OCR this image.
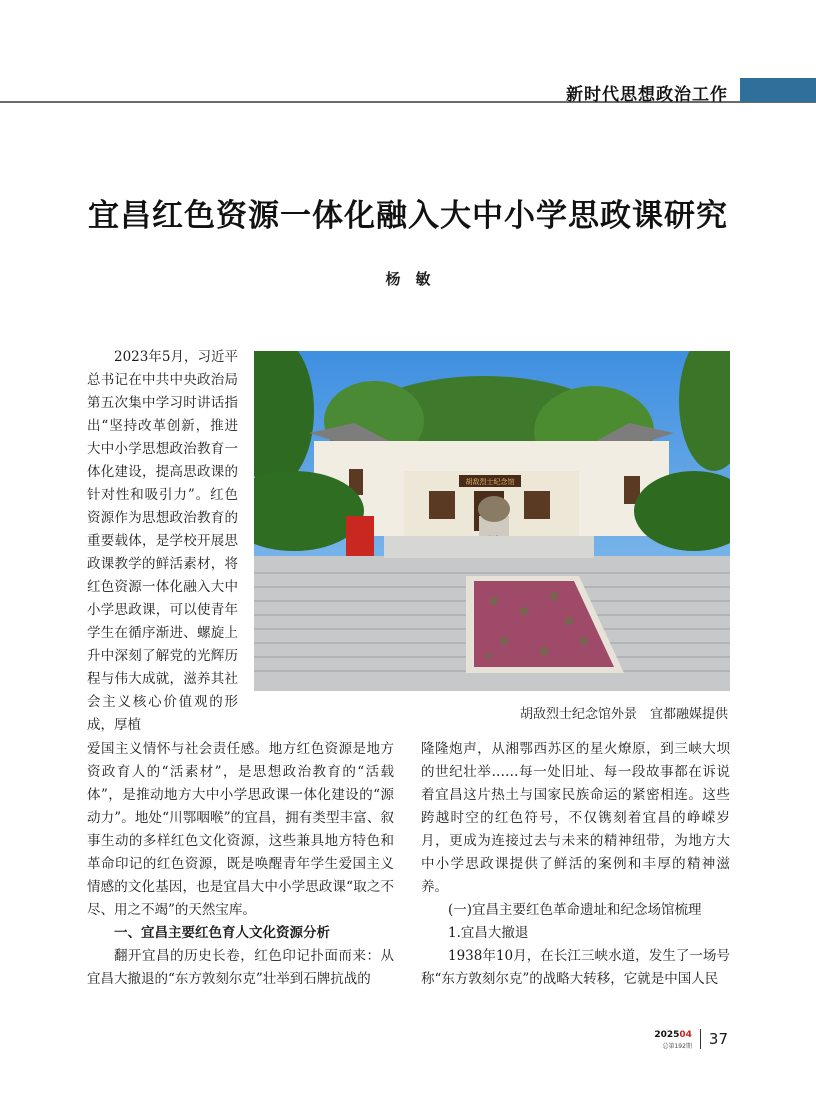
新时代思想政治工作
宜昌红色资源一体化融入大中小学思政课研究
杨　敏

2023年5月，习近平总书记在中共中央政治局第五次集中学习时讲话指出“坚持改革创新，推进大中小学思想政治教育一体化建设，提高思政课的针对性和吸引力”。红色资源作为思想政治教育的重要载体，是学校开展思政课教学的鲜活素材，将红色资源一体化融入大中小学思政课，可以使青年学生在循序渐进、螺旋上升中深刻了解党的光辉历程与伟大成就，滋养其社会主义核心价值观的形成，厚植

胡敌烈士纪念馆
胡敌烈士纪念馆外景　宜都融媒提供

爱国主义情怀与社会责任感。地方红色资源是地方资政育人的“活素材”，是思想政治教育的“活载体”，是推动地方大中小学思政课一体化建设的“源动力”。地处“川鄂咽喉”的宜昌，拥有类型丰富、叙事生动的多样红色文化资源，这些兼具地方特色和革命印记的红色资源，既是唤醒青年学生爱国主义情感的文化基因，也是宜昌大中小学思政课“取之不尽、用之不竭”的天然宝库。

一、宜昌主要红色育人文化资源分析

翻开宜昌的历史长卷，红色印记扑面而来：从宜昌大撤退的“东方敦刻尔克”壮举到石牌抗战的

隆隆炮声，从湘鄂西苏区的星火燎原，到三峡大坝的世纪壮举……每一处旧址、每一段故事都在诉说着宜昌这片热土与国家民族命运的紧密相连。这些跨越时空的红色符号，不仅镌刻着宜昌的峥嵘岁月，更成为连接过去与未来的精神纽带，为地方大中小学思政课提供了鲜活的案例和丰厚的精神滋养。

(一)宜昌主要红色革命遗址和纪念场馆梳理

1.宜昌大撤退

1938年10月，在长江三峡水道，发生了一场号称“东方敦刻尔克”的战略大转移，它就是中国人民

202504
总第192期 37
